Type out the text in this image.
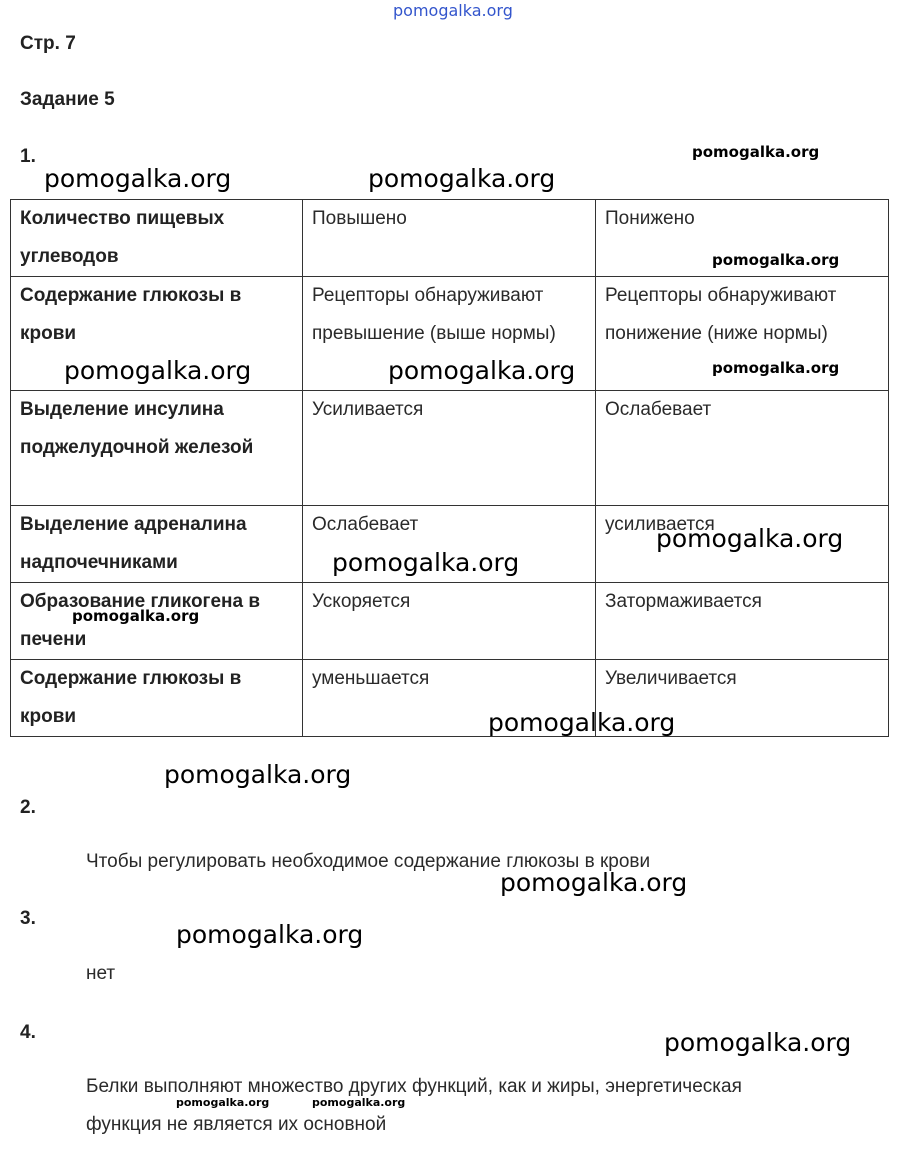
pomogalka.org
Стр. 7
Задание 5
1.
Количество пищевых углеводов	Повышено	Понижено
Содержание глюкозы в крови	Рецепторы обнаруживают превышение (выше нормы)	Рецепторы обнаруживают понижение (ниже нормы)
Выделение инсулина поджелудочной железой	Усиливается	Ослабевает
Выделение адреналина надпочечниками	Ослабевает	усиливается
Образование гликогена в печени	Ускоряется	Затормаживается
Содержание глюкозы в крови	уменьшается	Увеличивается
2.
Чтобы регулировать необходимое содержание глюкозы в крови
3.
нет
4.
Белки выполняют множество других функций, как и жиры, энергетическая
функция не является их основной
pomogalka.org
pomogalka.org	pomogalka.org
pomogalka.org
pomogalka.org
pomogalka.org	pomogalka.org
pomogalka.org
pomogalka.org
pomogalka.org
pomogalka.org
pomogalka.org
pomogalka.org
pomogalka.org
pomogalka.org
pomogalka.org	pomogalka.org
